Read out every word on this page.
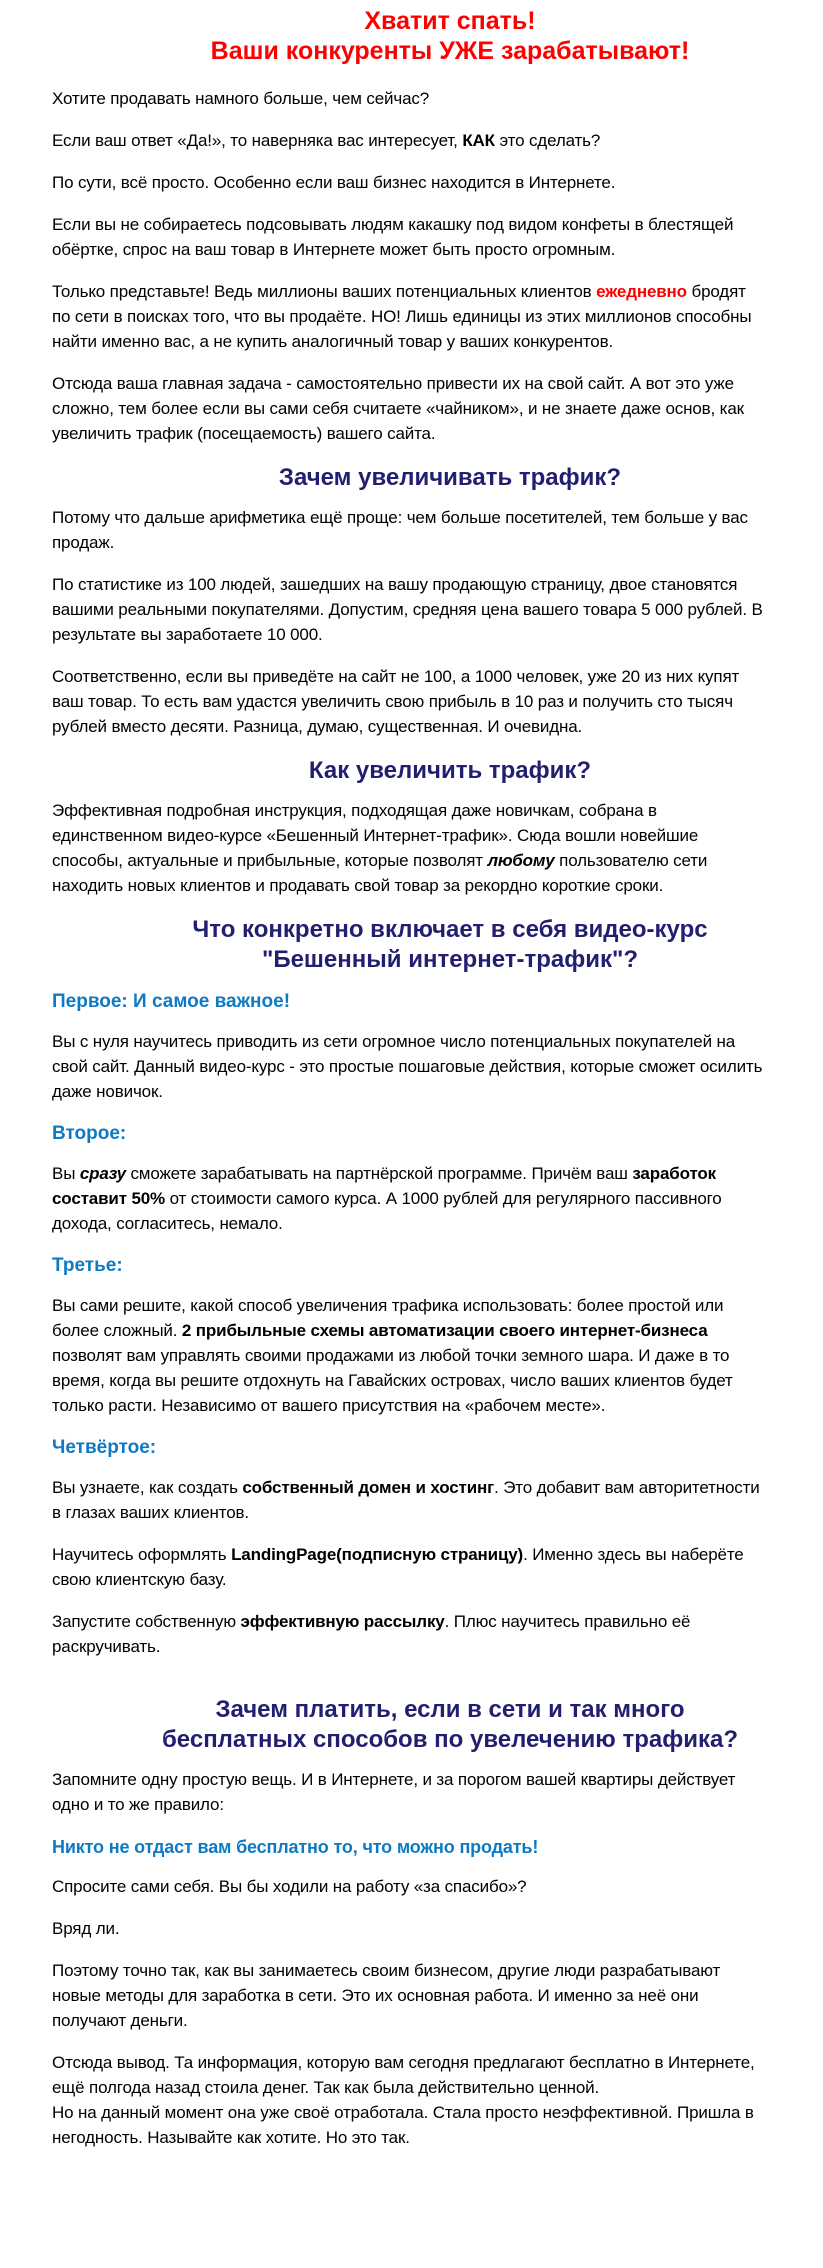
Хватит спать!
Ваши конкуренты УЖЕ зарабатывают!

Хотите продавать намного больше, чем сейчас?

Если ваш ответ «Да!», то наверняка вас интересует, КАК это сделать?

По сути, всё просто. Особенно если ваш бизнес находится в Интернете.

Если вы не собираетесь подсовывать людям какашку под видом конфеты в блестящей обёртке, спрос на ваш товар в Интернете может быть просто огромным.

Только представьте! Ведь миллионы ваших потенциальных клиентов ежедневно бродят по сети в поисках того, что вы продаёте. НО! Лишь единицы из этих миллионов способны найти именно вас, а не купить аналогичный товар у ваших конкурентов.

Отсюда ваша главная задача - самостоятельно привести их на свой сайт. А вот это уже сложно, тем более если вы сами себя считаете «чайником», и не знаете даже основ, как увеличить трафик (посещаемость) вашего сайта.

Зачем увеличивать трафик?

Потому что дальше арифметика ещё проще: чем больше посетителей, тем больше у вас продаж.

По статистике из 100 людей, зашедших на вашу продающую страницу, двое становятся вашими реальными покупателями. Допустим, средняя цена вашего товара 5 000 рублей. В результате вы заработаете 10 000.

Соответственно, если вы приведёте на сайт не 100, а 1000 человек, уже 20 из них купят ваш товар. То есть вам удастся увеличить свою прибыль в 10 раз и получить сто тысяч рублей вместо десяти. Разница, думаю, существенная. И очевидна.

Как увеличить трафик?

Эффективная подробная инструкция, подходящая даже новичкам, собрана в единственном видео-курсе «Бешенный Интернет-трафик». Сюда вошли новейшие способы, актуальные и прибыльные, которые позволят любому пользователю сети находить новых клиентов и продавать свой товар за рекордно короткие сроки.

Что конкретно включает в себя видео-курс
"Бешенный интернет-трафик"?
Первое: И самое важное!

Вы с нуля научитесь приводить из сети огромное число потенциальных покупателей на свой сайт. Данный видео-курс - это простые пошаговые действия, которые сможет осилить даже новичок.

Второе:

Вы сразу сможете зарабатывать на партнёрской программе. Причём ваш заработок составит 50% от стоимости самого курса. А 1000 рублей для регулярного пассивного дохода, согласитесь, немало.

Третье:

Вы сами решите, какой способ увеличения трафика использовать: более простой или более сложный. 2 прибыльные схемы автоматизации своего интернет-бизнеса позволят вам управлять своими продажами из любой точки земного шара. И даже в то время, когда вы решите отдохнуть на Гавайских островах, число ваших клиентов будет только расти. Независимо от вашего присутствия на «рабочем месте».

Четвёртое:

Вы узнаете, как создать собственный домен и хостинг. Это добавит вам авторитетности в глазах ваших клиентов.

Научитесь оформлять LandingPage(подписную страницу). Именно здесь вы наберёте свою клиентскую базу.

Запустите собственную эффективную рассылку. Плюс научитесь правильно её раскручивать.

Зачем платить, если в сети и так много
бесплатных способов по увелечению трафика?

Запомните одну простую вещь. И в Интернете, и за порогом вашей квартиры действует одно и то же правило:

Никто не отдаст вам бесплатно то, что можно продать!

Спросите сами себя. Вы бы ходили на работу «за спасибо»?

Вряд ли.

Поэтому точно так, как вы занимаетесь своим бизнесом, другие люди разрабатывают новые методы для заработка в сети. Это их основная работа. И именно за неё они получают деньги.

Отсюда вывод. Та информация, которую вам сегодня предлагают бесплатно в Интернете, ещё полгода назад стоила денег. Так как была действительно ценной.
Но на данный момент она уже своё отработала. Стала просто неэффективной. Пришла в негодность. Называйте как хотите. Но это так.
